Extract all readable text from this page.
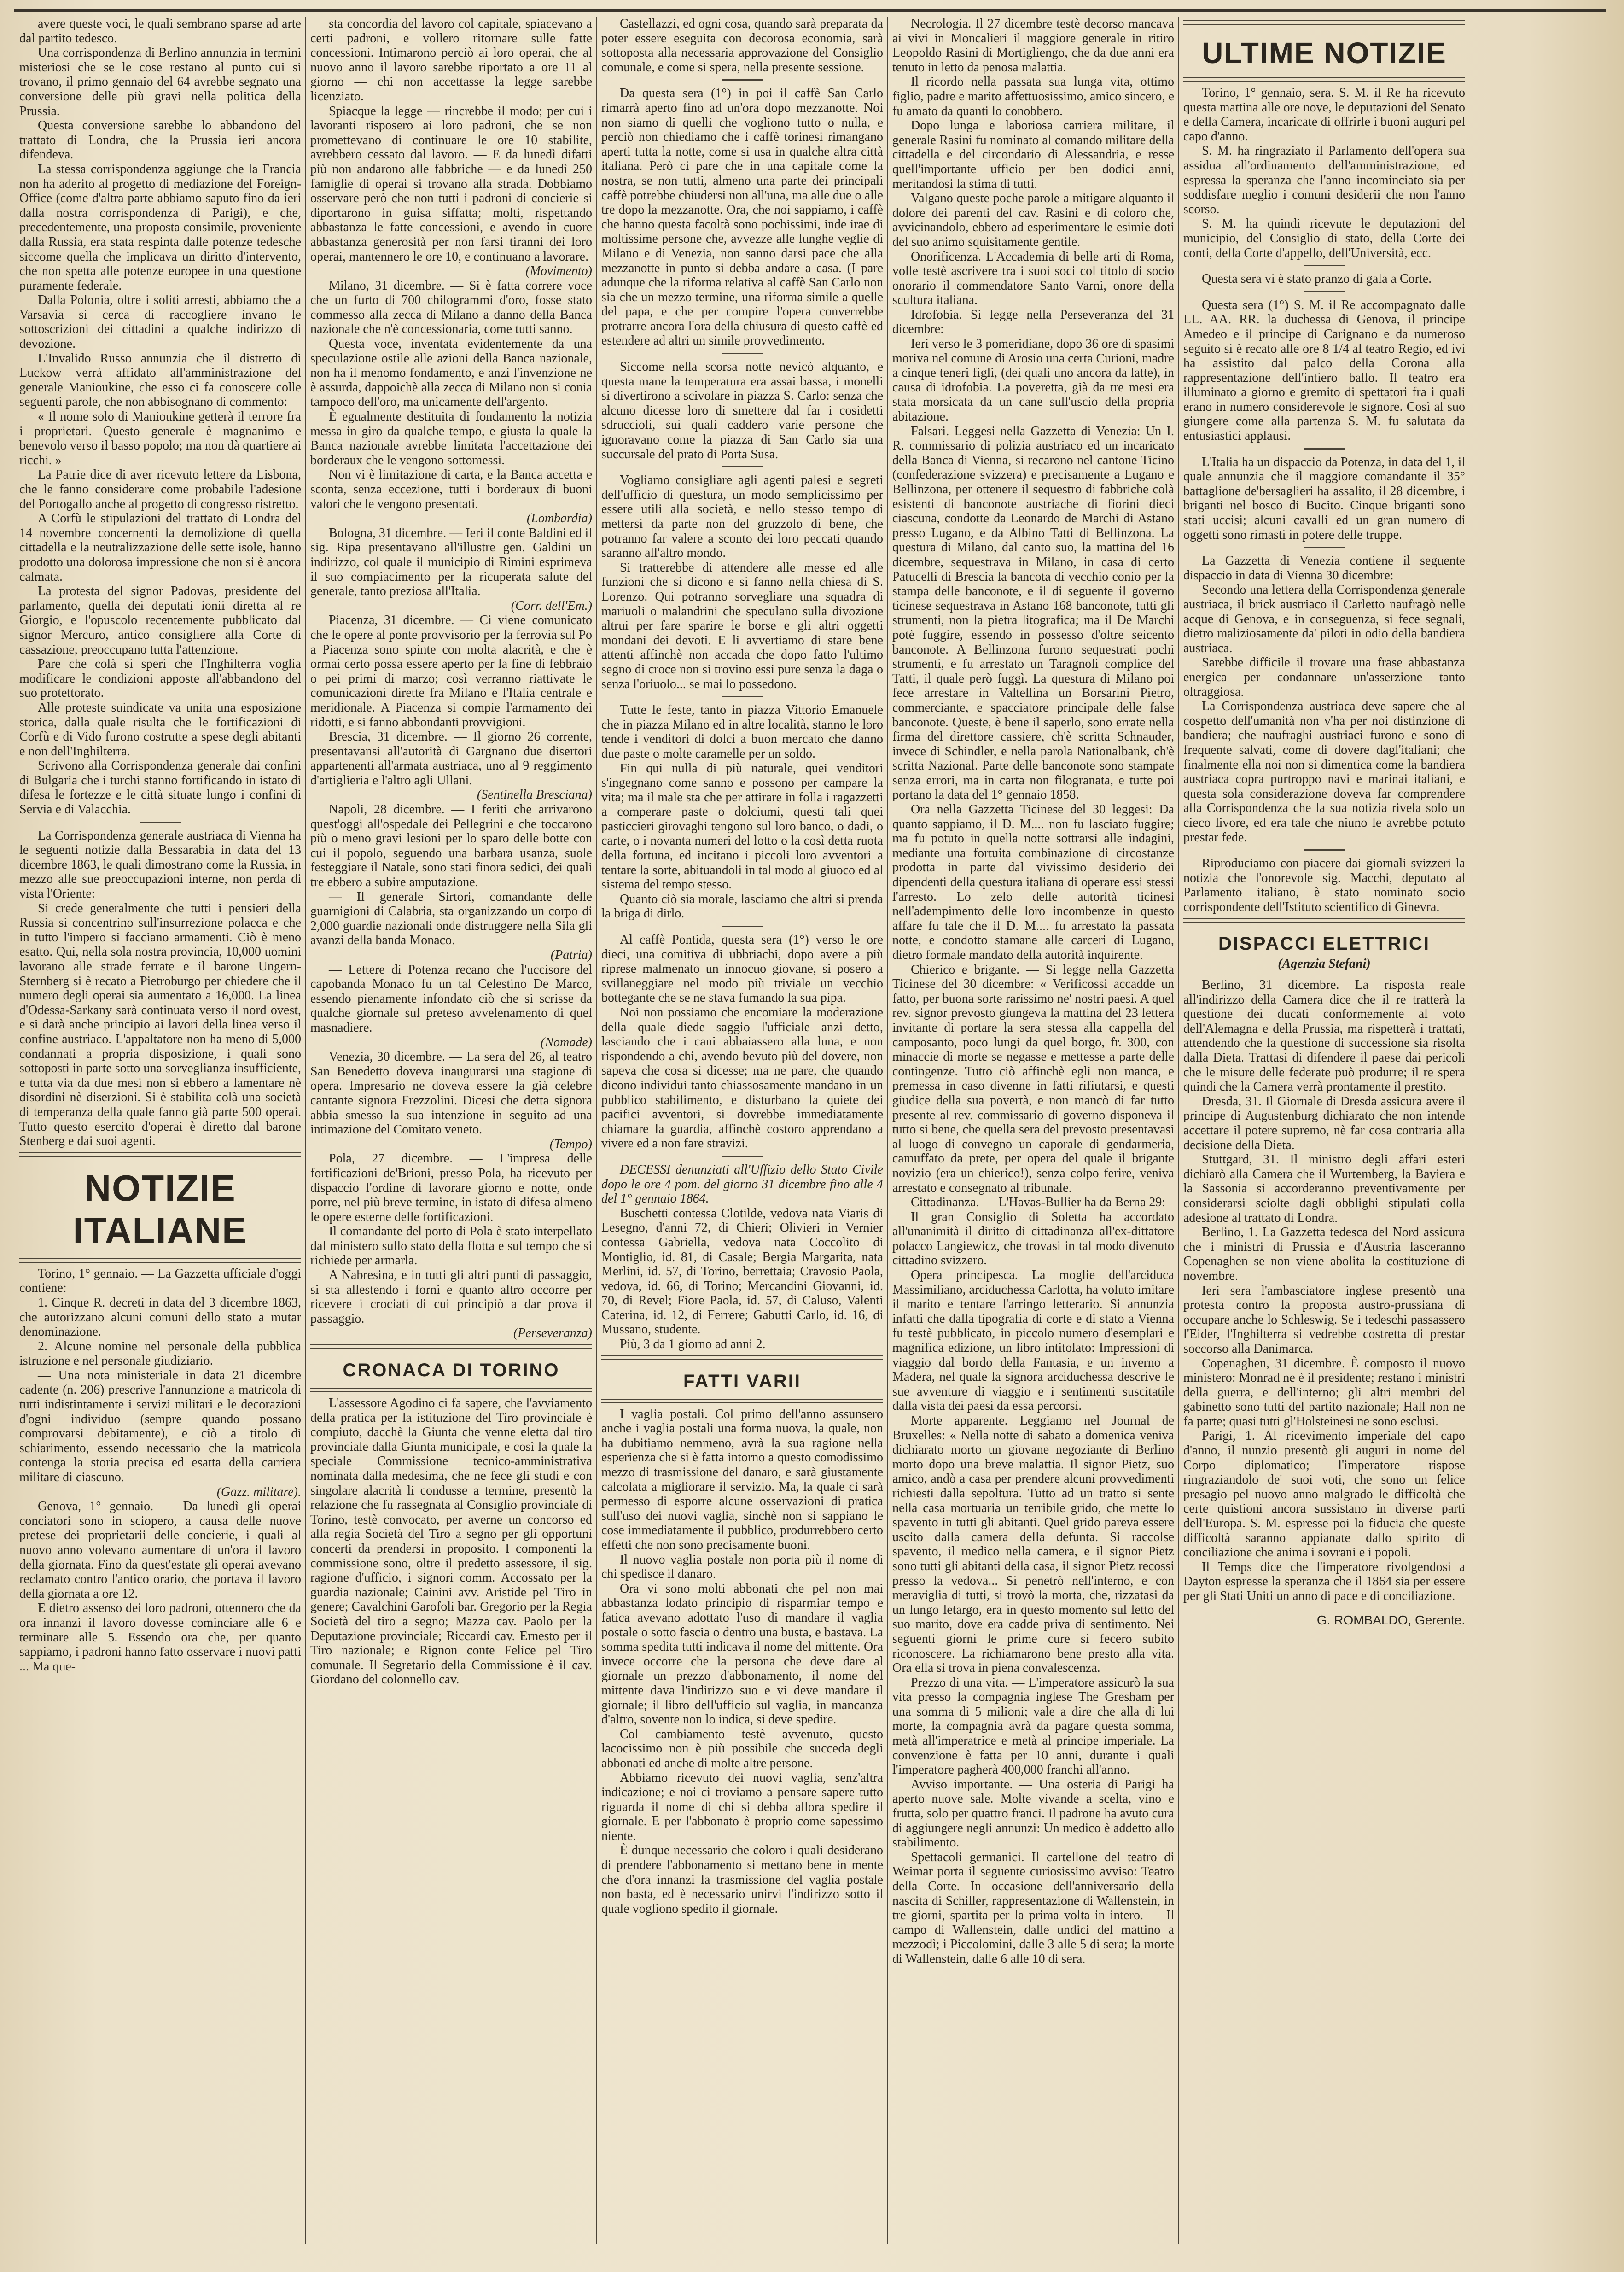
avere queste voci, le quali sembrano sparse ad arte dal partito tedesco.

Una corrispondenza di Berlino annunzia in termini misteriosi che se le cose restano al punto cui si trovano, il primo gennaio del 64 avrebbe segnato una conversione delle più gravi nella politica della Prussia.

Questa conversione sarebbe lo abbandono del trattato di Londra, che la Prussia ieri ancora difendeva.

La stessa corrispondenza aggiunge che la Francia non ha aderito al progetto di mediazione del Foreign-Office (come d'altra parte abbiamo saputo fino da ieri dalla nostra corrispondenza di Parigi), e che, precedentemente, una proposta consimile, proveniente dalla Russia, era stata respinta dalle potenze tedesche siccome quella che implicava un diritto d'intervento, che non spetta alle potenze europee in una questione puramente federale.

Dalla Polonia, oltre i soliti arresti, abbiamo che a Varsavia si cerca di raccogliere invano le sottoscrizioni dei cittadini a qualche indirizzo di devozione.

L'Invalido Russo annunzia che il distretto di Luckow verrà affidato all'amministrazione del generale Manioukine, che esso ci fa conoscere colle seguenti parole, che non abbisognano di commento:

« Il nome solo di Manioukine getterà il terrore fra i proprietari. Questo generale è magnanimo e benevolo verso il basso popolo; ma non dà quartiere ai ricchi. »

La Patrie dice di aver ricevuto lettere da Lisbona, che le fanno considerare come probabile l'adesione del Portogallo anche al progetto di congresso ristretto.

A Corfù le stipulazioni del trattato di Londra del 14 novembre concernenti la demolizione di quella cittadella e la neutralizzazione delle sette isole, hanno prodotto una dolorosa impressione che non si è ancora calmata.

La protesta del signor Padovas, presidente del parlamento, quella dei deputati ionii diretta al re Giorgio, e l'opuscolo recentemente pubblicato dal signor Mercuro, antico consigliere alla Corte di cassazione, preoccupano tutta l'attenzione.

Pare che colà si speri che l'Inghilterra voglia modificare le condizioni apposte all'abbandono del suo protettorato.

Alle proteste suindicate va unita una esposizione storica, dalla quale risulta che le fortificazioni di Corfù e di Vido furono costrutte a spese degli abitanti e non dell'Inghilterra.

Scrivono alla Corrispondenza generale dai confini di Bulgaria che i turchi stanno fortificando in istato di difesa le fortezze e le città situate lungo i confini di Servia e di Valacchia.

La Corrispondenza generale austriaca di Vienna ha le seguenti notizie dalla Bessarabia in data del 13 dicembre 1863, le quali dimostrano come la Russia, in mezzo alle sue preoccupazioni interne, non perda di vista l'Oriente:

Si crede generalmente che tutti i pensieri della Russia si concentrino sull'insurrezione polacca e che in tutto l'impero si facciano armamenti. Ciò è meno esatto. Qui, nella sola nostra provincia, 10,000 uomini lavorano alle strade ferrate e il barone Ungern-Sternberg si è recato a Pietroburgo per chiedere che il numero degli operai sia aumentato a 16,000. La linea d'Odessa-Sarkany sarà continuata verso il nord ovest, e si darà anche principio ai lavori della linea verso il confine austriaco. L'appaltatore non ha meno di 5,000 condannati a propria disposizione, i quali sono sottoposti in parte sotto una sorveglianza insufficiente, e tutta via da due mesi non si ebbero a lamentare nè disordini nè diserzioni. Si è stabilita colà una società di temperanza della quale fanno già parte 500 operai. Tutto questo esercito d'operai è diretto dal barone Stenberg e dai suoi agenti.

NOTIZIE ITALIANE

Torino, 1° gennaio. — La Gazzetta ufficiale d'oggi contiene:

1. Cinque R. decreti in data del 3 dicembre 1863, che autorizzano alcuni comuni dello stato a mutar denominazione.

2. Alcune nomine nel personale della pubblica istruzione e nel personale giudiziario.

— Una nota ministeriale in data 21 dicembre cadente (n. 206) prescrive l'annunzione a matricola di tutti indistintamente i servizi militari e le decorazioni d'ogni individuo (sempre quando possano comprovarsi debitamente), e ciò a titolo di schiarimento, essendo necessario che la matricola contenga la storia precisa ed esatta della carriera militare di ciascuno.

(Gazz. militare).

Genova, 1° gennaio. — Da lunedì gli operai conciatori sono in sciopero, a causa delle nuove pretese dei proprietarii delle concierie, i quali al nuovo anno volevano aumentare di un'ora il lavoro della giornata. Fino da quest'estate gli operai avevano reclamato contro l'antico orario, che portava il lavoro della giornata a ore 12.

E dietro assenso dei loro padroni, ottennero che da ora innanzi il lavoro dovesse cominciare alle 6 e terminare alle 5. Essendo ora che, per quanto sappiamo, i padroni hanno fatto osservare i nuovi patti ... Ma que-

sta concordia del lavoro col capitale, spiacevano a certi padroni, e vollero ritornare sulle fatte concessioni. Intimarono perciò ai loro operai, che al nuovo anno il lavoro sarebbe riportato a ore 11 al giorno — chi non accettasse la legge sarebbe licenziato.

Spiacque la legge — rincrebbe il modo; per cui i lavoranti risposero ai loro padroni, che se non promettevano di continuare le ore 10 stabilite, avrebbero cessato dal lavoro. — E da lunedì difatti più non andarono alle fabbriche — e da lunedì 250 famiglie di operai si trovano alla strada. Dobbiamo osservare però che non tutti i padroni di concierie si diportarono in guisa siffatta; molti, rispettando abbastanza le fatte concessioni, e avendo in cuore abbastanza generosità per non farsi tiranni dei loro operai, mantennero le ore 10, e continuano a lavorare.

(Movimento)

Milano, 31 dicembre. — Si è fatta correre voce che un furto di 700 chilogrammi d'oro, fosse stato commesso alla zecca di Milano a danno della Banca nazionale che n'è concessionaria, come tutti sanno.

Questa voce, inventata evidentemente da una speculazione ostile alle azioni della Banca nazionale, non ha il menomo fondamento, e anzi l'invenzione ne è assurda, dappoichè alla zecca di Milano non si conia tampoco dell'oro, ma unicamente dell'argento.

È egualmente destituita di fondamento la notizia messa in giro da qualche tempo, e giusta la quale la Banca nazionale avrebbe limitata l'accettazione dei borderaux che le vengono sottomessi.

Non vi è limitazione di carta, e la Banca accetta e sconta, senza eccezione, tutti i borderaux di buoni valori che le vengono presentati.

(Lombardia)

Bologna, 31 dicembre. — Ieri il conte Baldini ed il sig. Ripa presentavano all'illustre gen. Galdini un indirizzo, col quale il municipio di Rimini esprimeva il suo compiacimento per la ricuperata salute del generale, tanto preziosa all'Italia.

(Corr. dell'Em.)

Piacenza, 31 dicembre. — Ci viene comunicato che le opere al ponte provvisorio per la ferrovia sul Po a Piacenza sono spinte con molta alacrità, e che è ormai certo possa essere aperto per la fine di febbraio o pei primi di marzo; così verranno riattivate le comunicazioni dirette fra Milano e l'Italia centrale e meridionale. A Piacenza si compie l'armamento dei ridotti, e si fanno abbondanti provvigioni.

Brescia, 31 dicembre. — Il giorno 26 corrente, presentavansi all'autorità di Gargnano due disertori appartenenti all'armata austriaca, uno al 9 reggimento d'artiglieria e l'altro agli Ullani.

(Sentinella Bresciana)

Napoli, 28 dicembre. — I feriti che arrivarono quest'oggi all'ospedale dei Pellegrini e che toccarono più o meno gravi lesioni per lo sparo delle botte con cui il popolo, seguendo una barbara usanza, suole festeggiare il Natale, sono stati finora sedici, dei quali tre ebbero a subire amputazione.

— Il generale Sirtori, comandante delle guarnigioni di Calabria, sta organizzando un corpo di 2,000 guardie nazionali onde distruggere nella Sila gli avanzi della banda Monaco.

(Patria)

— Lettere di Potenza recano che l'uccisore del capobanda Monaco fu un tal Celestino De Marco, essendo pienamente infondato ciò che si scrisse da qualche giornale sul preteso avvelenamento di quel masnadiere.

(Nomade)

Venezia, 30 dicembre. — La sera del 26, al teatro San Benedetto doveva inaugurarsi una stagione di opera. Impresario ne doveva essere la già celebre cantante signora Frezzolini. Dicesi che detta signora abbia smesso la sua intenzione in seguito ad una intimazione del Comitato veneto.

(Tempo)

Pola, 27 dicembre. — L'impresa delle fortificazioni de'Brioni, presso Pola, ha ricevuto per dispaccio l'ordine di lavorare giorno e notte, onde porre, nel più breve termine, in istato di difesa almeno le opere esterne delle fortificazioni.

Il comandante del porto di Pola è stato interpellato dal ministero sullo stato della flotta e sul tempo che si richiede per armarla.

A Nabresina, e in tutti gli altri punti di passaggio, si sta allestendo i forni e quanto altro occorre per ricevere i crociati di cui principiò a dar prova il passaggio.

(Perseveranza)
CRONACA DI TORINO

L'assessore Agodino ci fa sapere, che l'avviamento della pratica per la istituzione del Tiro provinciale è compiuto, dacchè la Giunta che venne eletta dal tiro provinciale dalla Giunta municipale, e così la quale la speciale Commissione tecnico-amministrativa nominata dalla medesima, che ne fece gli studi e con singolare alacrità li condusse a termine, presentò la relazione che fu rassegnata al Consiglio provinciale di Torino, testè convocato, per averne un concorso ed alla regia Società del Tiro a segno per gli opportuni concerti da prendersi in proposito. I componenti la commissione sono, oltre il predetto assessore, il sig. ragione d'ufficio, i signori comm. Accossato per la guardia nazionale; Cainini avv. Aristide pel Tiro in genere; Cavalchini Garofoli bar. Gregorio per la Regia Società del tiro a segno; Mazza cav. Paolo per la Deputazione provinciale; Riccardi cav. Ernesto per il Tiro nazionale; e Rignon conte Felice pel Tiro comunale. Il Segretario della Commissione è il cav. Giordano del colonnello cav.

Castellazzi, ed ogni cosa, quando sarà preparata da poter essere eseguita con decorosa economia, sarà sottoposta alla necessaria approvazione del Consiglio comunale, e come si spera, nella presente sessione.

Da questa sera (1°) in poi il caffè San Carlo rimarrà aperto fino ad un'ora dopo mezzanotte. Noi non siamo di quelli che vogliono tutto o nulla, e perciò non chiediamo che i caffè torinesi rimangano aperti tutta la notte, come si usa in qualche altra città italiana. Però ci pare che in una capitale come la nostra, se non tutti, almeno una parte dei principali caffè potrebbe chiudersi non all'una, ma alle due o alle tre dopo la mezzanotte. Ora, che noi sappiamo, i caffè che hanno questa facoltà sono pochissimi, inde irae di moltissime persone che, avvezze alle lunghe veglie di Milano e di Venezia, non sanno darsi pace che alla mezzanotte in punto si debba andare a casa. (I pare adunque che la riforma relativa al caffè San Carlo non sia che un mezzo termine, una riforma simile a quelle del papa, e che per compire l'opera converrebbe protrarre ancora l'ora della chiusura di questo caffè ed estendere ad altri un simile provvedimento.

Siccome nella scorsa notte nevicò alquanto, e questa mane la temperatura era assai bassa, i monelli si divertirono a scivolare in piazza S. Carlo: senza che alcuno dicesse loro di smettere dal far i cosidetti sdruccioli, sui quali caddero varie persone che ignoravano come la piazza di San Carlo sia una succursale del prato di Porta Susa.

Vogliamo consigliare agli agenti palesi e segreti dell'ufficio di questura, un modo semplicissimo per essere utili alla società, e nello stesso tempo di mettersi da parte non del gruzzolo di bene, che potranno far valere a sconto dei loro peccati quando saranno all'altro mondo.

Si tratterebbe di attendere alle messe ed alle funzioni che si dicono e si fanno nella chiesa di S. Lorenzo. Qui potranno sorvegliare una squadra di mariuoli o malandrini che speculano sulla divozione altrui per fare sparire le borse e gli altri oggetti mondani dei devoti. E li avvertiamo di stare bene attenti affinchè non accada che dopo fatto l'ultimo segno di croce non si trovino essi pure senza la daga o senza l'oriuolo... se mai lo possedono.

Tutte le feste, tanto in piazza Vittorio Emanuele che in piazza Milano ed in altre località, stanno le loro tende i venditori di dolci a buon mercato che danno due paste o molte caramelle per un soldo.

Fin qui nulla di più naturale, quei venditori s'ingegnano come sanno e possono per campare la vita; ma il male sta che per attirare in folla i ragazzetti a comperare paste o dolciumi, questi tali quei pasticcieri girovaghi tengono sul loro banco, o dadi, o carte, o i novanta numeri del lotto o la così detta ruota della fortuna, ed incitano i piccoli loro avventori a tentare la sorte, abituandoli in tal modo al giuoco ed al sistema del tempo stesso.

Quanto ciò sia morale, lasciamo che altri si prenda la briga di dirlo.

Al caffè Pontida, questa sera (1°) verso le ore dieci, una comitiva di ubbriachi, dopo avere a più riprese malmenato un innocuo giovane, si posero a svillaneggiare nel modo più triviale un vecchio bottegante che se ne stava fumando la sua pipa.

Noi non possiamo che encomiare la moderazione della quale diede saggio l'ufficiale anzi detto, lasciando che i cani abbaiassero alla luna, e non rispondendo a chi, avendo bevuto più del dovere, non sapeva che cosa si dicesse; ma ne pare, che quando dicono individui tanto chiassosamente mandano in un pubblico stabilimento, e disturbano la quiete dei pacifici avventori, si dovrebbe immediatamente chiamare la guardia, affinchè costoro apprendano a vivere ed a non fare stravizi.

DECESSI denunziati all'Uffizio dello Stato Civile dopo le ore 4 pom. del giorno 31 dicembre fino alle 4 del 1° gennaio 1864.

Buschetti contessa Clotilde, vedova nata Viaris di Lesegno, d'anni 72, di Chieri; Olivieri in Vernier contessa Gabriella, vedova nata Coccolito di Montiglio, id. 81, di Casale; Bergia Margarita, nata Merlini, id. 57, di Torino, berrettaia; Cravosio Paola, vedova, id. 66, di Torino; Mercandini Giovanni, id. 70, di Revel; Fiore Paola, id. 57, di Caluso, Valenti Caterina, id. 12, di Ferrere; Gabutti Carlo, id. 16, di Mussano, studente.

Più, 3 da 1 giorno ad anni 2.

FATTI VARII

I vaglia postali. Col primo dell'anno assunsero anche i vaglia postali una forma nuova, la quale, non ha dubitiamo nemmeno, avrà la sua ragione nella esperienza che si è fatta intorno a questo comodissimo mezzo di trasmissione del danaro, e sarà giustamente calcolata a migliorare il servizio. Ma, la quale ci sarà permesso di esporre alcune osservazioni di pratica sull'uso dei nuovi vaglia, sinchè non si sappiano le cose immediatamente il pubblico, produrrebbero certo effetti che non sono precisamente buoni.

Il nuovo vaglia postale non porta più il nome di chi spedisce il danaro.

Ora vi sono molti abbonati che pel non mai abbastanza lodato principio di risparmiar tempo e fatica avevano adottato l'uso di mandare il vaglia postale o sotto fascia o dentro una busta, e bastava. La somma spedita tutti indicava il nome del mittente. Ora invece occorre che la persona che deve dare al giornale un prezzo d'abbonamento, il nome del mittente dava l'indirizzo suo e vi deve mandare il giornale; il libro dell'ufficio sul vaglia, in mancanza d'altro, sovente non lo indica, si deve spedire.

Col cambiamento testè avvenuto, questo lacocissimo non è più possibile che succeda degli abbonati ed anche di molte altre persone.

Abbiamo ricevuto dei nuovi vaglia, senz'altra indicazione; e noi ci troviamo a pensare sapere tutto riguarda il nome di chi si debba allora spedire il giornale. E per l'abbonato è proprio come sapessimo niente.

È dunque necessario che coloro i quali desiderano di prendere l'abbonamento si mettano bene in mente che d'ora innanzi la trasmissione del vaglia postale non basta, ed è necessario unirvi l'indirizzo sotto il quale vogliono spedito il giornale.

Necrologia. Il 27 dicembre testè decorso mancava ai vivi in Moncalieri il maggiore generale in ritiro Leopoldo Rasini di Mortigliengo, che da due anni era tenuto in letto da penosa malattia.

Il ricordo nella passata sua lunga vita, ottimo figlio, padre e marito affettuosissimo, amico sincero, e fu amato da quanti lo conobbero.

Dopo lunga e laboriosa carriera militare, il generale Rasini fu nominato al comando militare della cittadella e del circondario di Alessandria, e resse quell'importante ufficio per ben dodici anni, meritandosi la stima di tutti.

Valgano queste poche parole a mitigare alquanto il dolore dei parenti del cav. Rasini e di coloro che, avvicinandolo, ebbero ad esperimentare le esimie doti del suo animo squisitamente gentile.

Onorificenza. L'Accademia di belle arti di Roma, volle testè ascrivere tra i suoi soci col titolo di socio onorario il commendatore Santo Varni, onore della scultura italiana.

Idrofobia. Si legge nella Perseveranza del 31 dicembre:

Ieri verso le 3 pomeridiane, dopo 36 ore di spasimi moriva nel comune di Arosio una certa Curioni, madre a cinque teneri figli, (dei quali uno ancora da latte), in causa di idrofobia. La poveretta, già da tre mesi era stata morsicata da un cane sull'uscio della propria abitazione.

Falsari. Leggesi nella Gazzetta di Venezia: Un I. R. commissario di polizia austriaco ed un incaricato della Banca di Vienna, si recarono nel cantone Ticino (confederazione svizzera) e precisamente a Lugano e Bellinzona, per ottenere il sequestro di fabbriche colà esistenti di banconote austriache di fiorini dieci ciascuna, condotte da Leonardo de Marchi di Astano presso Lugano, e da Albino Tatti di Bellinzona. La questura di Milano, dal canto suo, la mattina del 16 dicembre, sequestrava in Milano, in casa di certo Patucelli di Brescia la bancota di vecchio conio per la stampa delle banconote, e il di seguente il governo ticinese sequestrava in Astano 168 banconote, tutti gli strumenti, non la pietra litografica; ma il De Marchi potè fuggire, essendo in possesso d'oltre seicento banconote. A Bellinzona furono sequestrati pochi strumenti, e fu arrestato un Taragnoli complice del Tatti, il quale però fuggì. La questura di Milano poi fece arrestare in Valtellina un Borsarini Pietro, commerciante, e spacciatore principale delle false banconote. Queste, è bene il saperlo, sono errate nella firma del direttore cassiere, ch'è scritta Schnauder, invece di Schindler, e nella parola Nationalbank, ch'è scritta Nazional. Parte delle banconote sono stampate senza errori, ma in carta non filogranata, e tutte poi portano la data del 1° gennaio 1858.

Ora nella Gazzetta Ticinese del 30 leggesi: Da quanto sappiamo, il D. M.... non fu lasciato fuggire; ma fu potuto in quella notte sottrarsi alle indagini, mediante una fortuita combinazione di circostanze prodotta in parte dal vivissimo desiderio dei dipendenti della questura italiana di operare essi stessi l'arresto. Lo zelo delle autorità ticinesi nell'adempimento delle loro incombenze in questo affare fu tale che il D. M.... fu arrestato la passata notte, e condotto stamane alle carceri di Lugano, dietro formale mandato della autorità inquirente.

Chierico e brigante. — Si legge nella Gazzetta Ticinese del 30 dicembre: « Verificossi accadde un fatto, per buona sorte rarissimo ne' nostri paesi. A quel rev. signor prevosto giungeva la mattina del 23 lettera invitante di portare la sera stessa alla cappella del camposanto, poco lungi da quel borgo, fr. 300, con minaccie di morte se negasse e mettesse a parte delle contingenze. Tutto ciò affinchè egli non manca, e premessa in caso divenne in fatti rifiutarsi, e questi giudice della sua povertà, e non mancò di far tutto presente al rev. commissario di governo disponeva il tutto si bene, che quella sera del prevosto presentavasi al luogo di convegno un caporale di gendarmeria, camuffato da prete, per opera del quale il brigante novizio (era un chierico!), senza colpo ferire, veniva arrestato e consegnato al tribunale.

Cittadinanza. — L'Havas-Bullier ha da Berna 29:

Il gran Consiglio di Soletta ha accordato all'unanimità il diritto di cittadinanza all'ex-dittatore polacco Langiewicz, che trovasi in tal modo divenuto cittadino svizzero.

Opera principesca. La moglie dell'arciduca Massimiliano, arciduchessa Carlotta, ha voluto imitare il marito e tentare l'arringo letterario. Si annunzia infatti che dalla tipografia di corte e di stato a Vienna fu testè pubblicato, in piccolo numero d'esemplari e magnifica edizione, un libro intitolato: Impressioni di viaggio dal bordo della Fantasia, e un inverno a Madera, nel quale la signora arciduchessa descrive le sue avventure di viaggio e i sentimenti suscitatile dalla vista dei paesi da essa percorsi.

Morte apparente. Leggiamo nel Journal de Bruxelles: « Nella notte di sabato a domenica veniva dichiarato morto un giovane negoziante di Berlino morto dopo una breve malattia. Il signor Pietz, suo amico, andò a casa per prendere alcuni provvedimenti richiesti dalla sepoltura. Tutto ad un tratto si sente nella casa mortuaria un terribile grido, che mette lo spavento in tutti gli abitanti. Quel grido pareva essere uscito dalla camera della defunta. Si raccolse spavento, il medico nella camera, e il signor Pietz sono tutti gli abitanti della casa, il signor Pietz recossi presso la vedova... Si penetrò nell'interno, e con meraviglia di tutti, si trovò la morta, che, rizzatasi da un lungo letargo, era in questo momento sul letto del suo marito, dove era cadde priva di sentimento. Nei seguenti giorni le prime cure si fecero subito riconoscere. La richiamarono bene presto alla vita. Ora ella si trova in piena convalescenza.

Prezzo di una vita. — L'imperatore assicurò la sua vita presso la compagnia inglese The Gresham per una somma di 5 milioni; vale a dire che alla di lui morte, la compagnia avrà da pagare questa somma, metà all'imperatrice e metà al principe imperiale. La convenzione è fatta per 10 anni, durante i quali l'imperatore pagherà 400,000 franchi all'anno.

Avviso importante. — Una osteria di Parigi ha aperto nuove sale. Molte vivande a scelta, vino e frutta, solo per quattro franci. Il padrone ha avuto cura di aggiungere negli annunzi: Un medico è addetto allo stabilimento.

Spettacoli germanici. Il cartellone del teatro di Weimar porta il seguente curiosissimo avviso: Teatro della Corte. In occasione dell'anniversario della nascita di Schiller, rappresentazione di Wallenstein, in tre giorni, spartita per la prima volta in intero. — Il campo di Wallenstein, dalle undici del mattino a mezzodì; i Piccolomini, dalle 3 alle 5 di sera; la morte di Wallenstein, dalle 6 alle 10 di sera.

ULTIME NOTIZIE

Torino, 1° gennaio, sera. S. M. il Re ha ricevuto questa mattina alle ore nove, le deputazioni del Senato e della Camera, incaricate di offrirle i buoni auguri pel capo d'anno.

S. M. ha ringraziato il Parlamento dell'opera sua assidua all'ordinamento dell'amministrazione, ed espressa la speranza che l'anno incominciato sia per soddisfare meglio i comuni desiderii che non l'anno scorso.

S. M. ha quindi ricevute le deputazioni del municipio, del Consiglio di stato, della Corte dei conti, della Corte d'appello, dell'Università, ecc.

Questa sera vi è stato pranzo di gala a Corte.

Questa sera (1°) S. M. il Re accompagnato dalle LL. AA. RR. la duchessa di Genova, il principe Amedeo e il principe di Carignano e da numeroso seguito si è recato alle ore 8 1/4 al teatro Regio, ed ivi ha assistito dal palco della Corona alla rappresentazione dell'intiero ballo. Il teatro era illuminato a giorno e gremito di spettatori fra i quali erano in numero considerevole le signore. Così al suo giungere come alla partenza S. M. fu salutata da entusiastici applausi.

L'Italia ha un dispaccio da Potenza, in data del 1, il quale annunzia che il maggiore comandante il 35° battaglione de'bersaglieri ha assalito, il 28 dicembre, i briganti nel bosco di Bucito. Cinque briganti sono stati uccisi; alcuni cavalli ed un gran numero di oggetti sono rimasti in potere delle truppe.

La Gazzetta di Venezia contiene il seguente dispaccio in data di Vienna 30 dicembre:

Secondo una lettera della Corrispondenza generale austriaca, il brick austriaco il Carletto naufragò nelle acque di Genova, e in conseguenza, si fece segnali, dietro maliziosamente da' piloti in odio della bandiera austriaca.

Sarebbe difficile il trovare una frase abbastanza energica per condannare un'asserzione tanto oltraggiosa.

La Corrispondenza austriaca deve sapere che al cospetto dell'umanità non v'ha per noi distinzione di bandiera; che naufraghi austriaci furono e sono di frequente salvati, come di dovere dagl'italiani; che finalmente ella noi non si dimentica come la bandiera austriaca copra purtroppo navi e marinai italiani, e questa sola considerazione doveva far comprendere alla Corrispondenza che la sua notizia rivela solo un cieco livore, ed era tale che niuno le avrebbe potuto prestar fede.

Riproduciamo con piacere dai giornali svizzeri la notizia che l'onorevole sig. Macchi, deputato al Parlamento italiano, è stato nominato socio corrispondente dell'Istituto scientifico di Ginevra.

DISPACCI ELETTRICI
(Agenzia Stefani)

Berlino, 31 dicembre. La risposta reale all'indirizzo della Camera dice che il re tratterà la questione dei ducati conformemente al voto dell'Alemagna e della Prussia, ma rispetterà i trattati, attendendo che la questione di successione sia risolta dalla Dieta. Trattasi di difendere il paese dai pericoli che le misure delle federate può produrre; il re spera quindi che la Camera verrà prontamente il prestito.

Dresda, 31. Il Giornale di Dresda assicura avere il principe di Augustenburg dichiarato che non intende accettare il potere supremo, nè far cosa contraria alla decisione della Dieta.

Stuttgard, 31. Il ministro degli affari esteri dichiarò alla Camera che il Wurtemberg, la Baviera e la Sassonia si accorderanno preventivamente per considerarsi sciolte dagli obblighi stipulati colla adesione al trattato di Londra.

Berlino, 1. La Gazzetta tedesca del Nord assicura che i ministri di Prussia e d'Austria lasceranno Copenaghen se non viene abolita la costituzione di novembre.

Ieri sera l'ambasciatore inglese presentò una protesta contro la proposta austro-prussiana di occupare anche lo Schleswig. Se i tedeschi passassero l'Eider, l'Inghilterra si vedrebbe costretta di prestar soccorso alla Danimarca.

Copenaghen, 31 dicembre. È composto il nuovo ministero: Monrad ne è il presidente; restano i ministri della guerra, e dell'interno; gli altri membri del gabinetto sono tutti del partito nazionale; Hall non ne fa parte; quasi tutti gl'Holsteinesi ne sono esclusi.

Parigi, 1. Al ricevimento imperiale del capo d'anno, il nunzio presentò gli auguri in nome del Corpo diplomatico; l'imperatore rispose ringraziandolo de' suoi voti, che sono un felice presagio pel nuovo anno malgrado le difficoltà che certe quistioni ancora sussistano in diverse parti dell'Europa. S. M. espresse poi la fiducia che queste difficoltà saranno appianate dallo spirito di conciliazione che anima i sovrani e i popoli.

Il Temps dice che l'imperatore rivolgendosi a Dayton espresse la speranza che il 1864 sia per essere per gli Stati Uniti un anno di pace e di conciliazione.

G. ROMBALDO, Gerente.
